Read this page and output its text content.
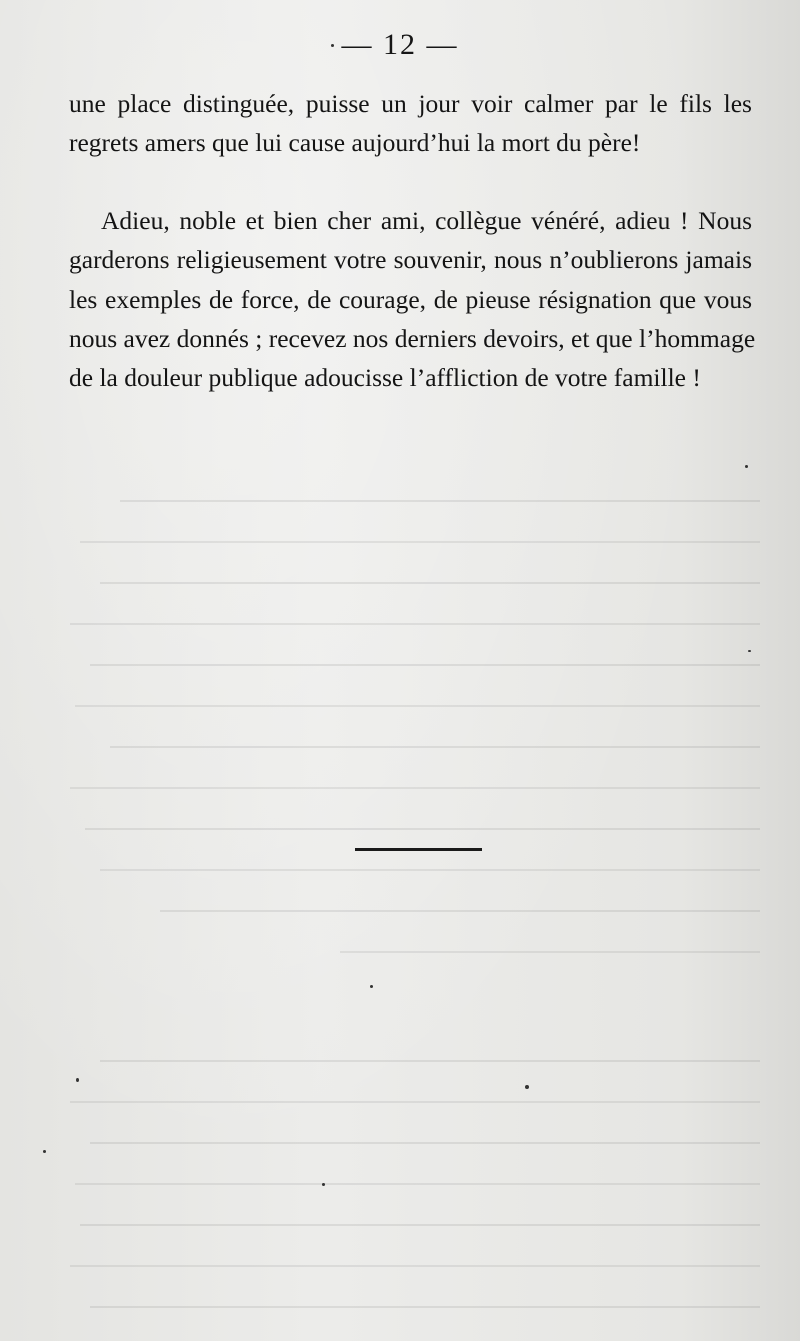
— 12 —
une place distinguée, puisse un jour voir calmer par le fils les
regrets amers que lui cause aujourd’hui la mort du père!
Adieu, noble et bien cher ami, collègue vénéré, adieu ! Nous
garderons religieusement votre souvenir, nous n’oublierons jamais
les exemples de force, de courage, de pieuse résignation que vous
nous avez donnés ; recevez nos derniers devoirs, et que l’hommage
de la douleur publique adoucisse l’affliction de votre famille !
